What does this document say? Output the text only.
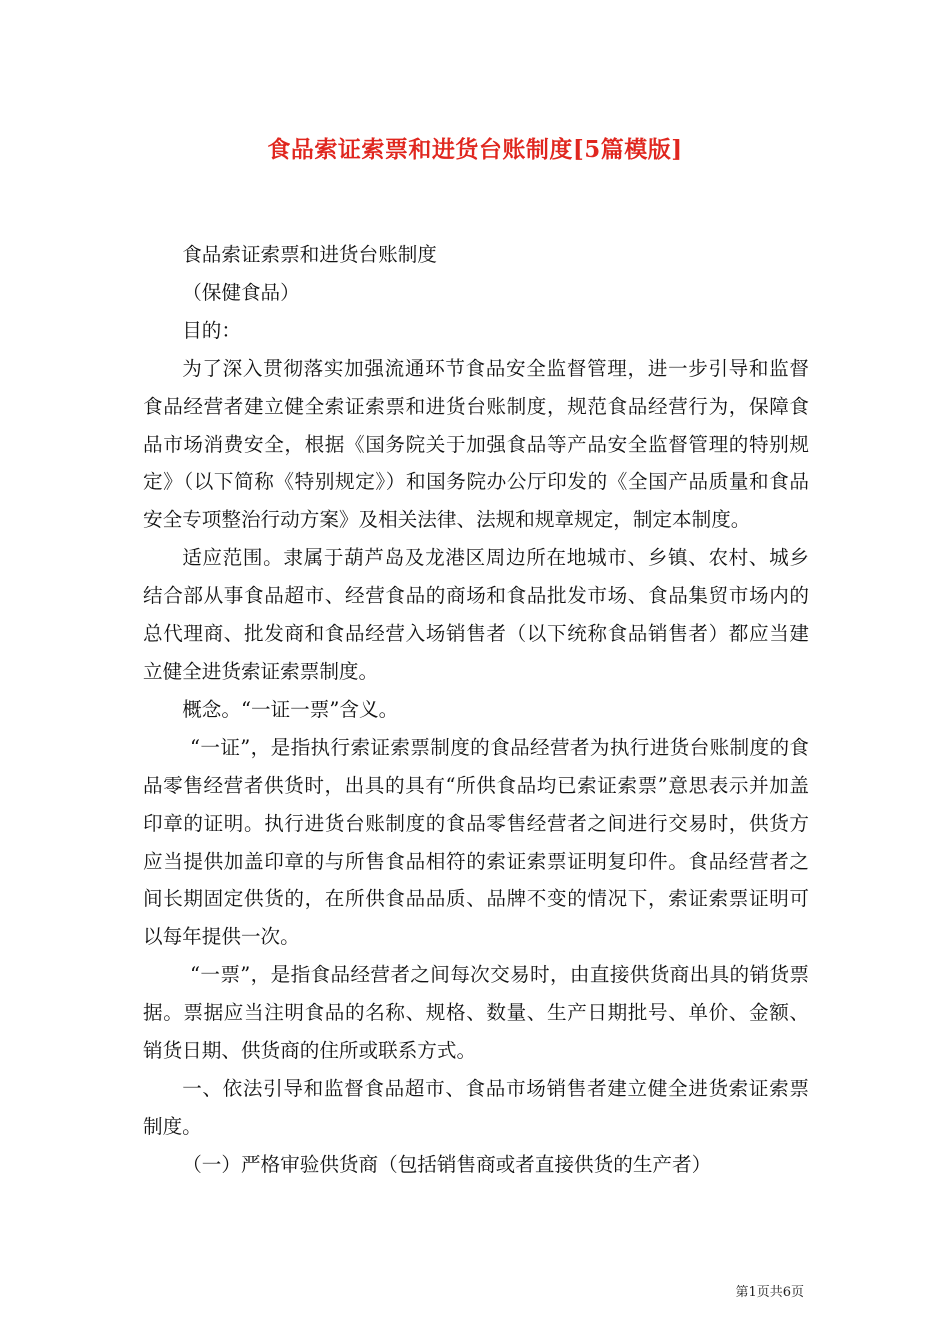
食品索证索票和进货台账制度[5篇模版]

食品索证索票和进货台账制度

（保健食品）

目的：

为了深入贯彻落实加强流通环节食品安全监督管理，进一步引导和监督食品经营者建立健全索证索票和进货台账制度，规范食品经营行为，保障食品市场消费安全，根据《国务院关于加强食品等产品安全监督管理的特别规定》（以下简称《特别规定》）和国务院办公厅印发的《全国产品质量和食品安全专项整治行动方案》及相关法律、法规和规章规定，制定本制度。

适应范围。隶属于葫芦岛及龙港区周边所在地城市、乡镇、农村、城乡结合部从事食品超市、经营食品的商场和食品批发市场、食品集贸市场内的总代理商、批发商和食品经营入场销售者（以下统称食品销售者）都应当建立健全进货索证索票制度。

概念。“一证一票”含义。

“一证”，是指执行索证索票制度的食品经营者为执行进货台账制度的食品零售经营者供货时，出具的具有“所供食品均已索证索票”意思表示并加盖印章的证明。执行进货台账制度的食品零售经营者之间进行交易时，供货方应当提供加盖印章的与所售食品相符的索证索票证明复印件。食品经营者之间长期固定供货的，在所供食品品质、品牌不变的情况下，索证索票证明可以每年提供一次。

“一票”，是指食品经营者之间每次交易时，由直接供货商出具的销货票据。票据应当注明食品的名称、规格、数量、生产日期批号、单价、金额、销货日期、供货商的住所或联系方式。

一、依法引导和监督食品超市、食品市场销售者建立健全进货索证索票制度。

（一）严格审验供货商（包括销售商或者直接供货的生产者）

第1页共6页
